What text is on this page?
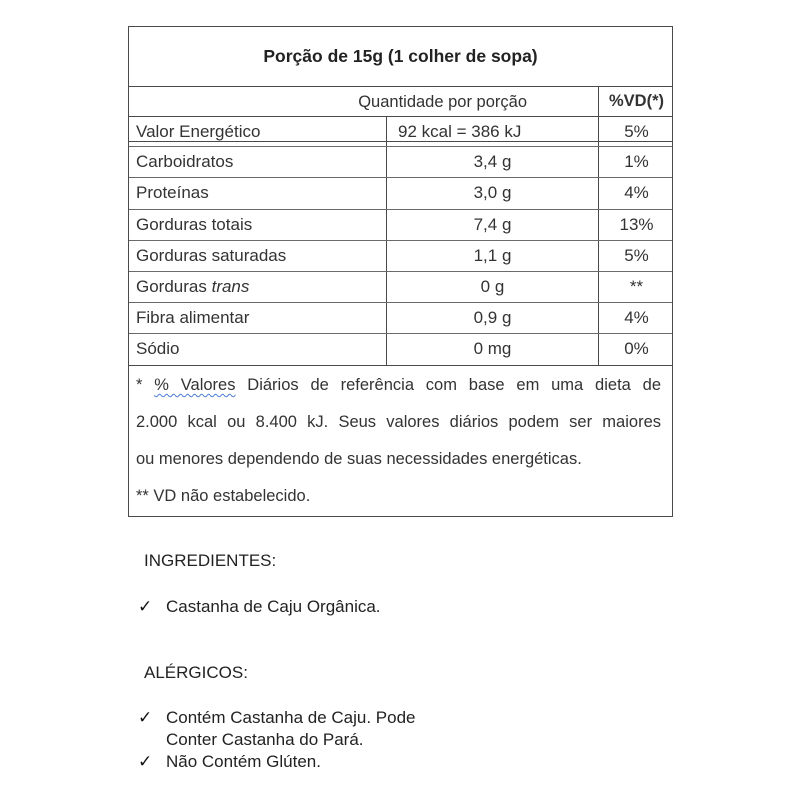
Porção de 15g (1 colher de sopa)
Quantidade por porção	%VD(*)
Valor Energético	92 kcal = 386 kJ	5%
Carboidratos	3,4 g	1%
Proteínas	3,0 g	4%
Gorduras totais	7,4 g	13%
Gorduras saturadas	1,1 g	5%
Gorduras trans	0 g	**
Fibra alimentar	0,9 g	4%
Sódio	0 mg	0%
* % Valores Diários de referência com base em uma dieta de
2.000 kcal ou 8.400 kJ. Seus valores diários podem ser maiores
ou menores dependendo de suas necessidades energéticas.
** VD não estabelecido.
INGREDIENTES:
✓ Castanha de Caju Orgânica.
ALÉRGICOS:
✓ Contém Castanha de Caju. Pode
Conter Castanha do Pará.
✓ Não Contém Glúten.
